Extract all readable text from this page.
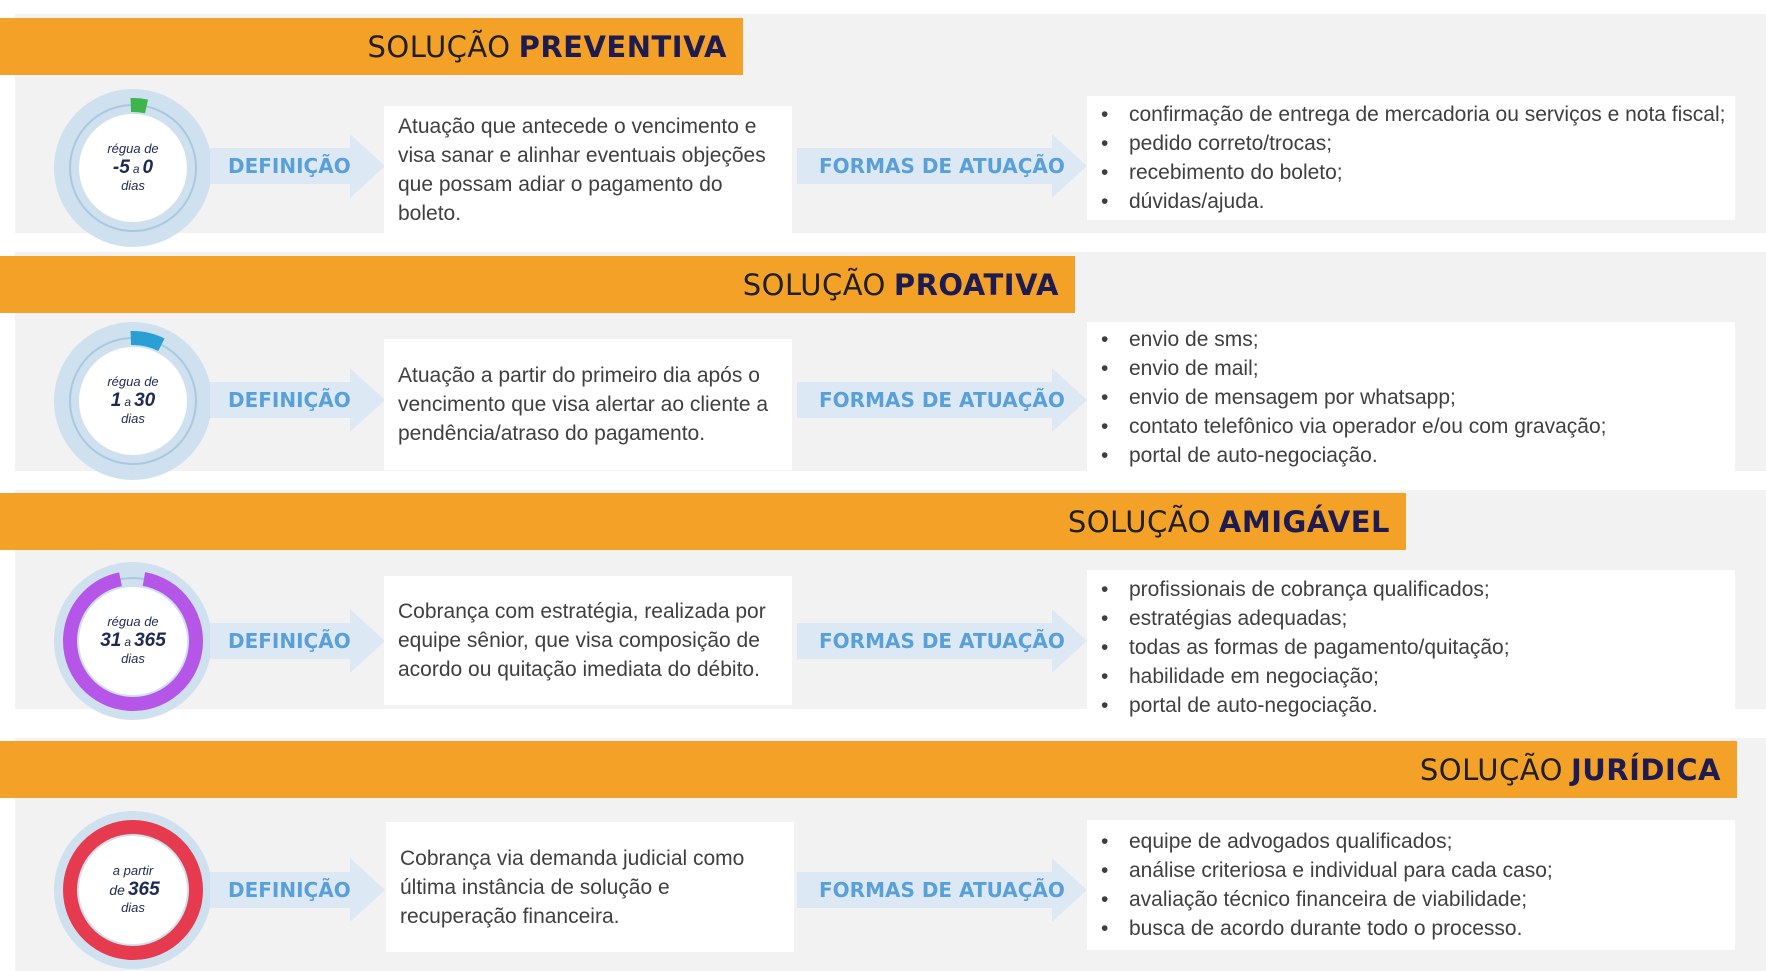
SOLUÇÃO PREVENTIVA
régua de
-5 a 0
dias
DEFINIÇÃO
Atuação que antecede o vencimento e visa sanar e alinhar eventuais objeções que possam adiar o pagamento do boleto.
FORMAS DE ATUAÇÃO
• confirmação de entrega de mercadoria ou serviços e nota fiscal;
• pedido correto/trocas;
• recebimento do boleto;
• dúvidas/ajuda.
SOLUÇÃO PROATIVA
régua de
1 a 30
dias
DEFINIÇÃO
Atuação a partir do primeiro dia após o vencimento que visa alertar ao cliente a pendência/atraso do pagamento.
FORMAS DE ATUAÇÃO
• envio de sms;
• envio de mail;
• envio de mensagem por whatsapp;
• contato telefônico via operador e/ou com gravação;
• portal de auto-negociação.
SOLUÇÃO AMIGÁVEL
régua de
31 a 365
dias
DEFINIÇÃO
Cobrança com estratégia, realizada por equipe sênior, que visa composição de acordo ou quitação imediata do débito.
FORMAS DE ATUAÇÃO
• profissionais de cobrança qualificados;
• estratégias adequadas;
• todas as formas de pagamento/quitação;
• habilidade em negociação;
• portal de auto-negociação.
SOLUÇÃO JURÍDICA
a partir
de 365
dias
DEFINIÇÃO
Cobrança via demanda judicial como última instância de solução e recuperação financeira.
FORMAS DE ATUAÇÃO
• equipe de advogados qualificados;
• análise criteriosa e individual para cada caso;
• avaliação técnico financeira de viabilidade;
• busca de acordo durante todo o processo.
